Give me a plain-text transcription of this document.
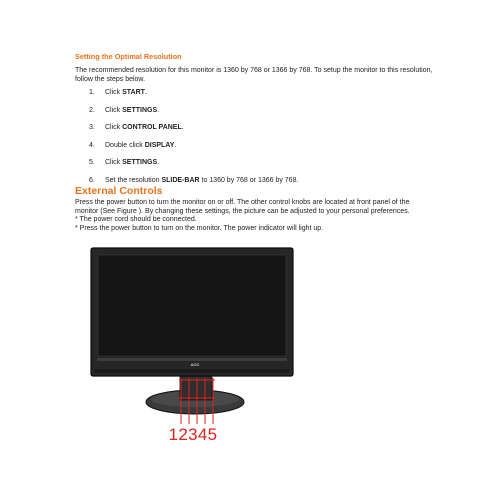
Setting the Optimal Resolution
The recommended resolution for this monitor is 1360 by 768 or 1366 by 768. To setup the monitor to this resolution, follow the steps below.
1. Click START.
2. Click SETTINGS.
3. Click CONTROL PANEL.
4. Double click DISPLAY.
5. Click SETTINGS.
6. Set the resolution SLIDE-BAR to 1360 by 768 or 1366 by 768.
External Controls
Press the power button to turn the monitor on or off. The other control knobs are located at front panel of the
monitor (See Figure ). By changing these settings, the picture can be adjusted to your personal preferences.
* The power cord should be connected.
* Press the power button to turn on the monitor. The power indicator will light up.
AOC
12345
